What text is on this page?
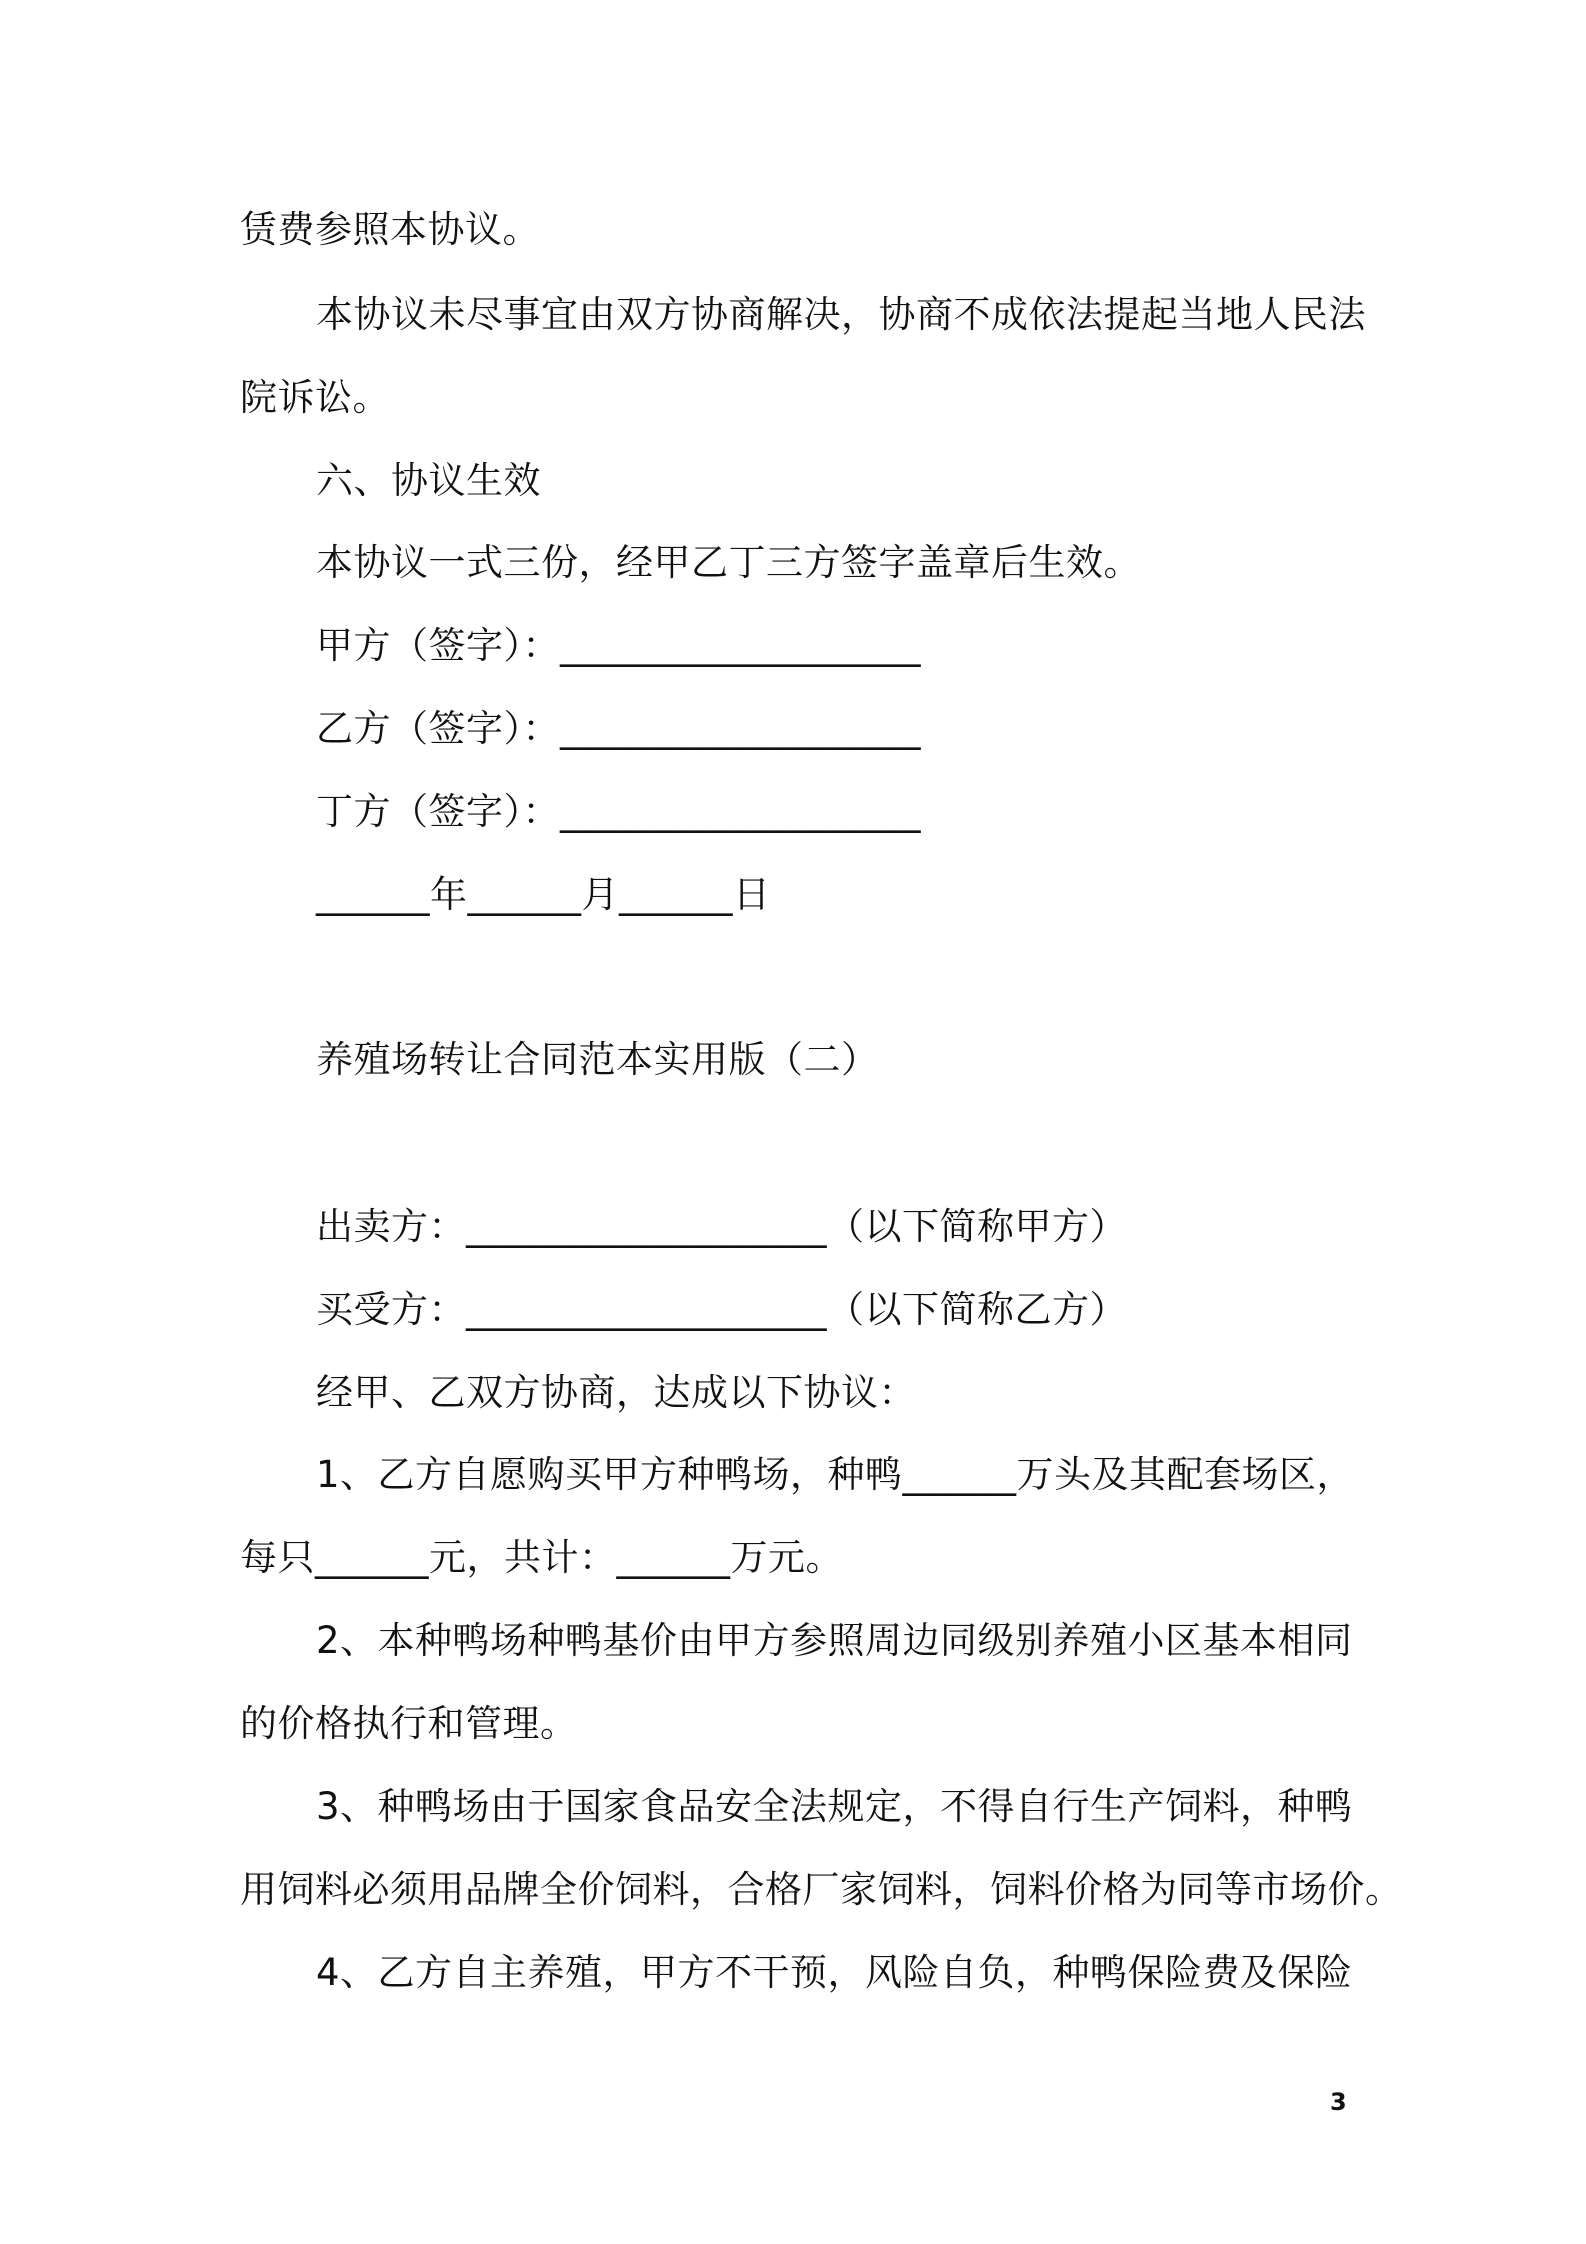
赁费参照本协议。
本协议未尽事宜由双方协商解决，协商不成依法提起当地人民法
院诉讼。
六、协议生效
本协议一式三份，经甲乙丁三方签字盖章后生效。
甲方（签字）：___________________
乙方（签字）：___________________
丁方（签字）：___________________
______年______月______日
养殖场转让合同范本实用版（二）
出卖方：___________________（以下简称甲方）
买受方：___________________（以下简称乙方）
经甲、乙双方协商，达成以下协议：
1、乙方自愿购买甲方种鸭场，种鸭______万头及其配套场区，
每只______元，共计：______万元。
2、本种鸭场种鸭基价由甲方参照周边同级别养殖小区基本相同
的价格执行和管理。
3、种鸭场由于国家食品安全法规定，不得自行生产饲料，种鸭
用饲料必须用品牌全价饲料，合格厂家饲料，饲料价格为同等市场价。
4、乙方自主养殖，甲方不干预，风险自负，种鸭保险费及保险
3
